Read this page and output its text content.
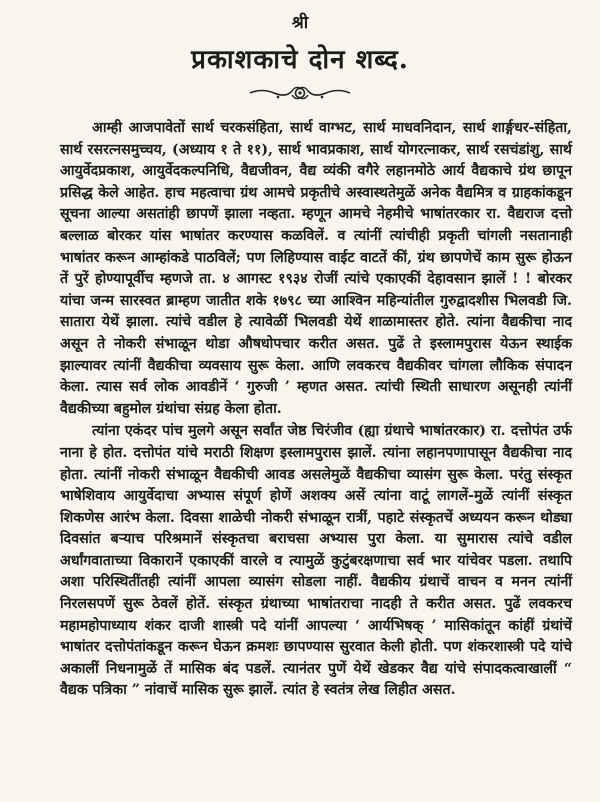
श्री
प्रकाशकाचे दोन शब्द.

आम्ही आजपावेतों सार्थ चरकसंहिता, सार्थ वाग्भट, सार्थ माधवनिदान, सार्थ शार्ङ्गधर-संहिता, सार्थ रसरत्नसमुच्चय, (अध्याय १ ते ११), सार्थ भावप्रकाश, सार्थ योगरत्नाकर, सार्थ रसचंडांशु, सार्थ आयुर्वेदप्रकाश, आयुर्वेदकल्पनिधि, वैद्यजीवन, वैद्य व्यंकी वगैरे लहानमोठे आर्य वैद्यकाचे ग्रंथ छापून प्रसिद्ध केले आहेत. हाच महत्वाचा ग्रंथ आमचे प्रकृतीचे अस्वास्थतेमुळें अनेक वैद्यमित्र व ग्राहकांकडून सूचना आल्या असतांही छापणें झाला नव्हता. म्हणून आमचे नेहमीचे भाषांतरकार रा. वैद्यराज दत्तो बल्लाळ बोरकर यांस भाषांतर करण्यास कळविलें. व त्यांनीं त्यांचीही प्रकृती चांगली नसतानाही भाषांतर करून आम्हांकडे पाठविलें; पण लिहिण्यास वाईट वाटतें कीं, ग्रंथ छापणेचें काम सुरू होऊन तें पुरें होण्यापूर्वीच म्हणजे ता. ४ आगस्ट १९३४ रोजीं त्यांचे एकाएकीं देहावसान झालें ! ! बोरकर यांचा जन्म सारस्वत ब्राम्हण जातीत शके १७९८ च्या आश्विन महिन्यांतील गुरुद्वादशीस भिलवडी जि. सातारा येथें झाला. त्यांचे वडील हे त्यावेळीं भिलवडी येथें शाळामास्तर होते. त्यांना वैद्यकीचा नाद असून ते नोकरी संभाळून थोडा औषधोपचार करीत असत. पुढें ते इस्लामपुरास येऊन स्थाईक झाल्यावर त्यांनीं वैद्यकीचा व्यवसाय सुरू केला. आणि लवकरच वैद्यकीवर चांगला लौकिक संपादन केला. त्यास सर्व लोक आवडीनें ‘ गुरुजी ’ म्हणत असत. त्यांची स्थिती साधारण असूनही त्यांनीं वैद्यकीच्या बहुमोल ग्रंथांचा संग्रह केला होता.

त्यांना एकंदर पांच मुलगे असून सर्वांत जेष्ठ चिरंजीव (ह्या ग्रंथाचे भाषांतरकार) रा. दत्तोपंत उर्फ नाना हे होत. दत्तोपंत यांचे मराठी शिक्षण इस्लामपुरास झालें. त्यांना लहानपणापासून वैद्यकीचा नाद होता. त्यांनीं नोकरी संभाळून वैद्यकीची आवड असलेमुळें वैद्यकीचा व्यासंग सुरू केला. परंतु संस्कृत भाषेशिवाय आयुर्वेदाचा अभ्यास संपूर्ण होणें अशक्य असें त्यांना वाटूं लागलें-मुळें त्यांनीं संस्कृत शिकणेस आरंभ केला. दिवसा शाळेची नोकरी संभाळून रात्रीं, पहाटे संस्कृतचें अध्ययन करून थोड्या दिवसांत बऱ्याच परिश्रमानें संस्कृतचा बराचसा अभ्यास पुरा केला. या सुमारास त्यांचे वडील अर्धांगवाताच्या विकारानें एकाएकीं वारले व त्यामुळें कुटुंबरक्षणाचा सर्व भार यांचेवर पडला. तथापि अशा परिस्थितींतही त्यांनीं आपला व्यासंग सोडला नाहीं. वैद्यकीय ग्रंथाचें वाचन व मनन त्यांनीं निरलसपणें सुरू ठेवलें होतें. संस्कृत ग्रंथाच्या भाषांतराचा नादही ते करीत असत. पुढें लवकरच महामहोपाध्याय शंकर दाजी शास्त्री पदे यांनीं आपल्या ‘ आर्यभिषक् ’ मासिकांतून कांहीं ग्रंथांचें भाषांतर दत्तोपंतांकडून करून घेऊन क्रमशः छापण्यास सुरवात केली होती. पण शंकरशास्त्री पदे यांचे अकालीं निधनामुळें तें मासिक बंद पडलें. त्यानंतर पुणें येथें खेडकर वैद्य यांचे संपादकत्वाखालीं “ वैद्यक पत्रिका ” नांवाचें मासिक सुरू झालें. त्यांत हे स्वतंत्र लेख लिहीत असत.
